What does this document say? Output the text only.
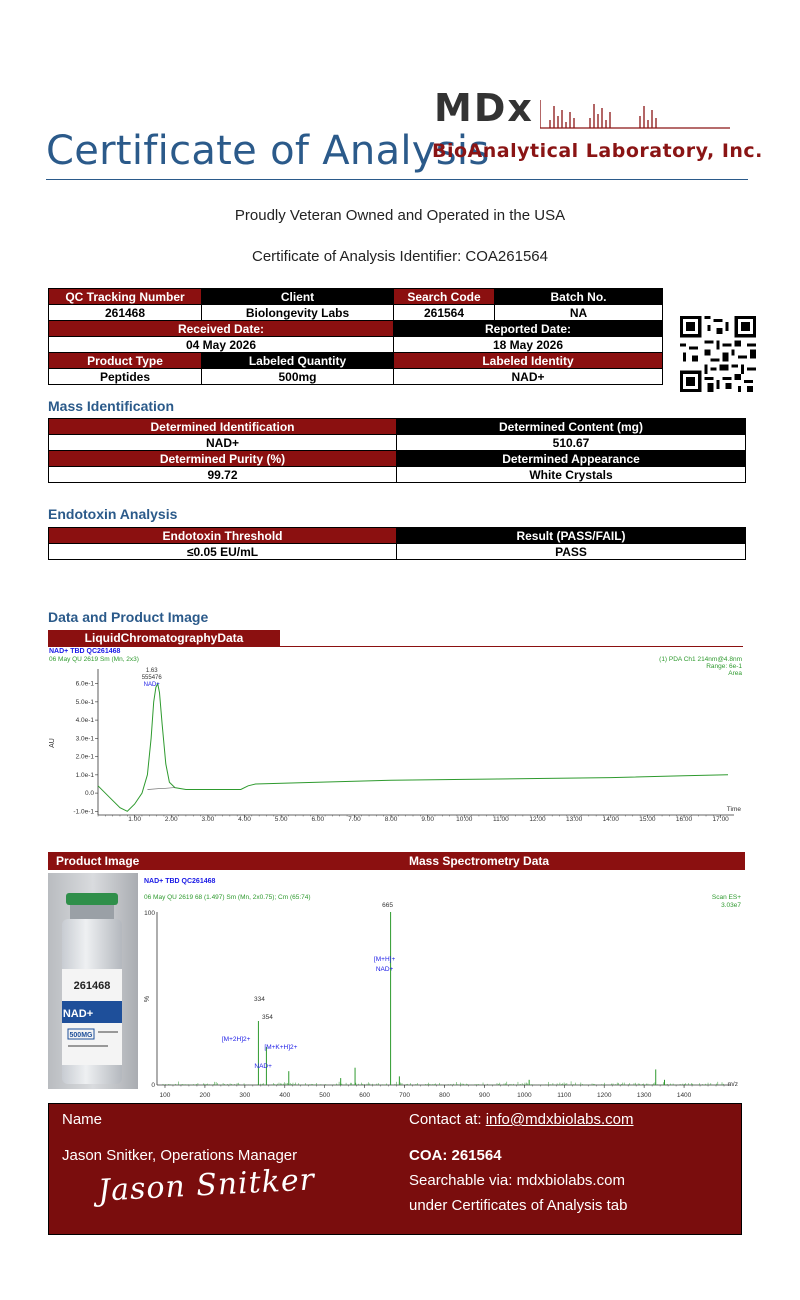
Certificate of Analysis
MDx
BioAnalytical Laboratory, Inc.
Proudly Veteran Owned and Operated in the USA
Certificate of Analysis Identifier: COA261564
QC Tracking Number	Client	Search Code	Batch No.
261468	Biolongevity Labs	261564	NA
Received Date:		Reported Date:	
04 May 2026		18 May 2026	
Product Type	Labeled Quantity	Labeled Identity	
Peptides	500mg	NAD+	
Mass Identification
Determined Identification	Determined Content (mg)
NAD+	510.67
Determined Purity (%)	Determined Appearance
99.72	White Crystals
Endotoxin Analysis
Endotoxin Threshold	Result (PASS/FAIL)
≤0.05 EU/mL	PASS
Data and Product Image
LiquidChromatographyData
NAD+ TBD QC261468
06 May QU 2619 Sm (Mn, 2x3)	(1) PDA Ch1 214nm@4.8nm
Range: 6e-1
Area
AU
Time
-1.0e-1
0.0
1.0e-1
2.0e-1
3.0e-1
4.0e-1
5.0e-1
6.0e-1
1.00	2.00	3.00	4.00	5.00	6.00	7.00	8.00	9.00	10.00	11.00	12.00	13.00	14.00	15.00	16.00	17.00
1.63
555476
NAD+
Product Image	Mass Spectrometry Data
261468
NAD+
500MG
NAD+ TBD QC261468
06 May QU 2619 68 (1.497) Sm (Mn, 2x0.75); Cm (65:74)	Scan ES+
3.03e7
100
0
%
m/z
100	200	300	400	500	600	700	800	900	1000	1100	1200	1300	1400
665
[M+H]+
NAD+
334
[M+2H]2+
354
[M+K+H]2+
NAD+
Name	Contact at: info@mdxbiolabs.com
Jason Snitker, Operations Manager
Jason Snitker
COA: 261564
Searchable via: mdxbiolabs.com
under Certificates of Analysis tab
